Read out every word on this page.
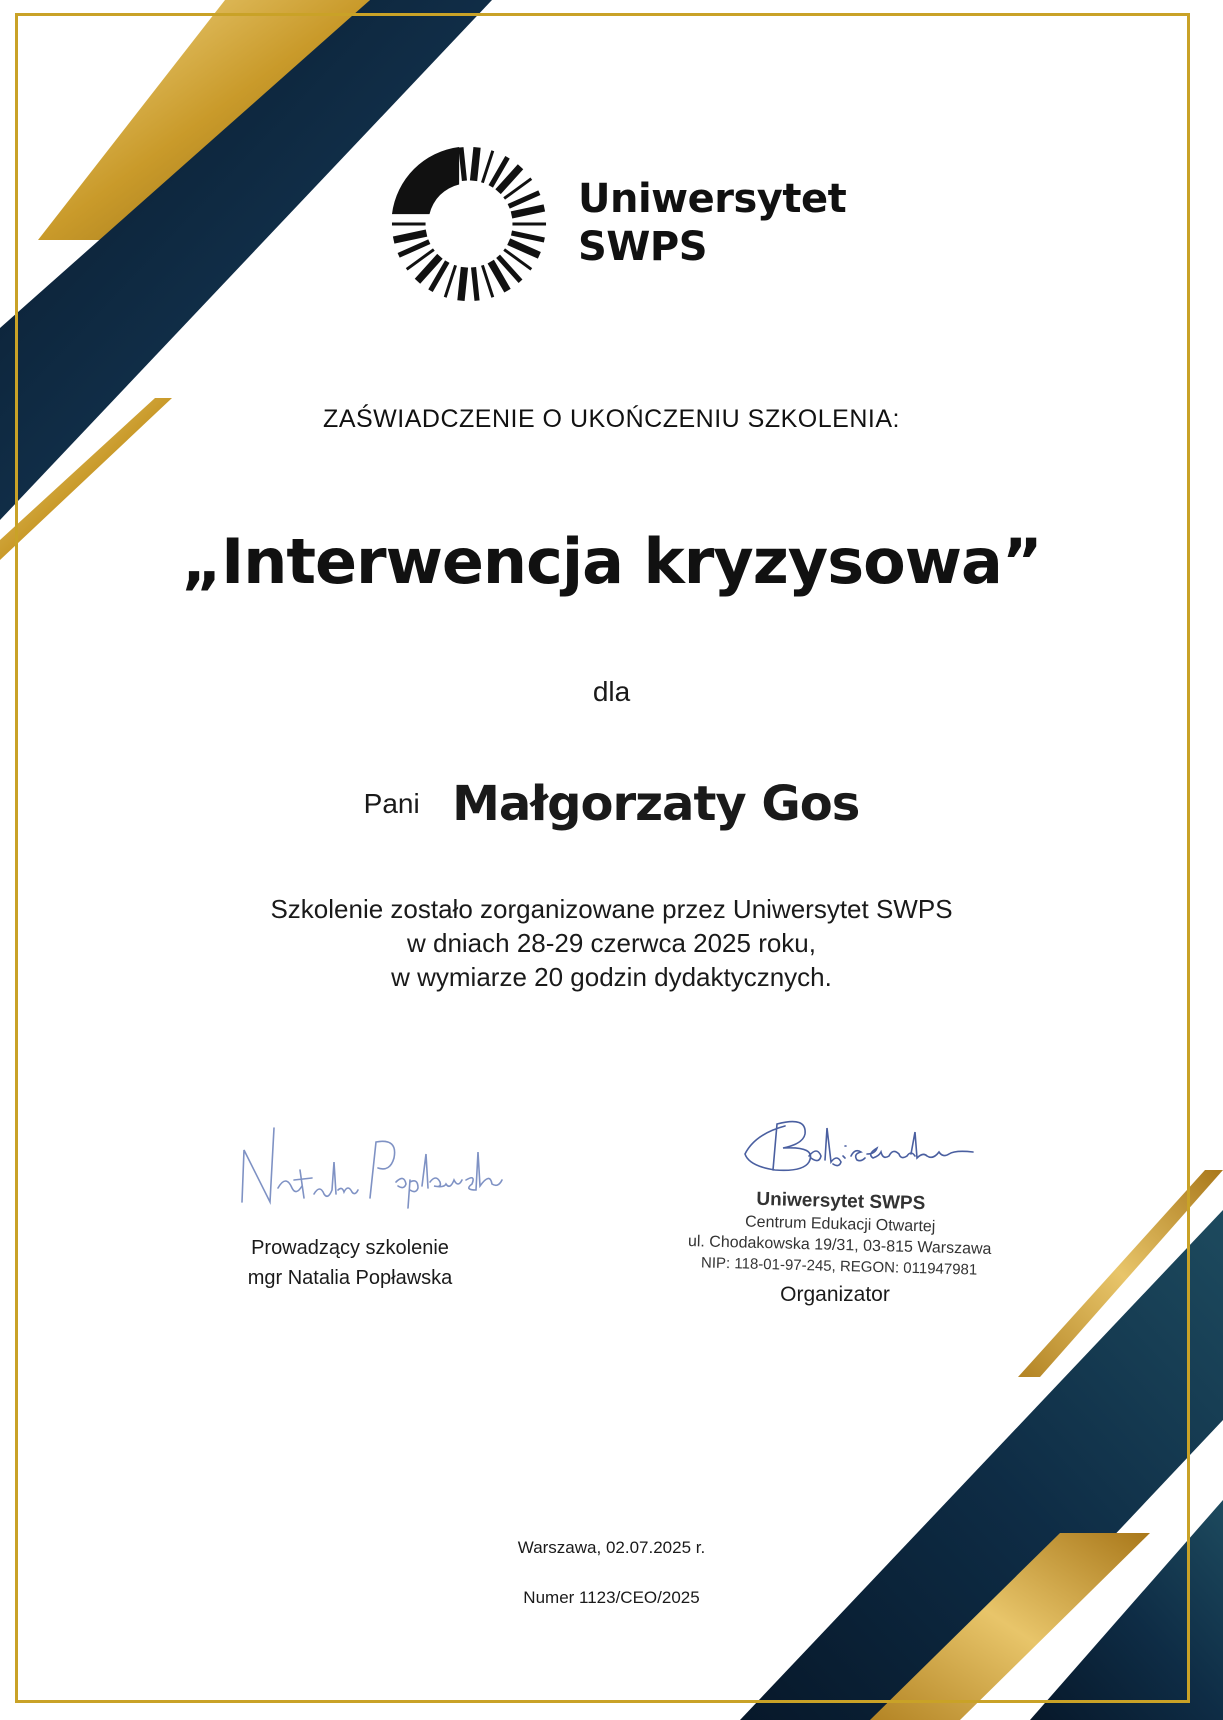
Uniwersytet
SWPS
ZAŚWIADCZENIE O UKOŃCZENIU SZKOLENIA:
„Interwencja kryzysowa”
dla
Pani Małgorzaty Gos
Szkolenie zostało zorganizowane przez Uniwersytet SWPS
w dniach 28-29 czerwca 2025 roku,
w wymiarze 20 godzin dydaktycznych.
Prowadzący szkolenie
mgr Natalia Popławska
Uniwersytet SWPS
Centrum Edukacji Otwartej
ul. Chodakowska 19/31, 03-815 Warszawa
NIP: 118-01-97-245, REGON: 011947981
Organizator
Warszawa, 02.07.2025 r.
Numer 1123/CEO/2025
